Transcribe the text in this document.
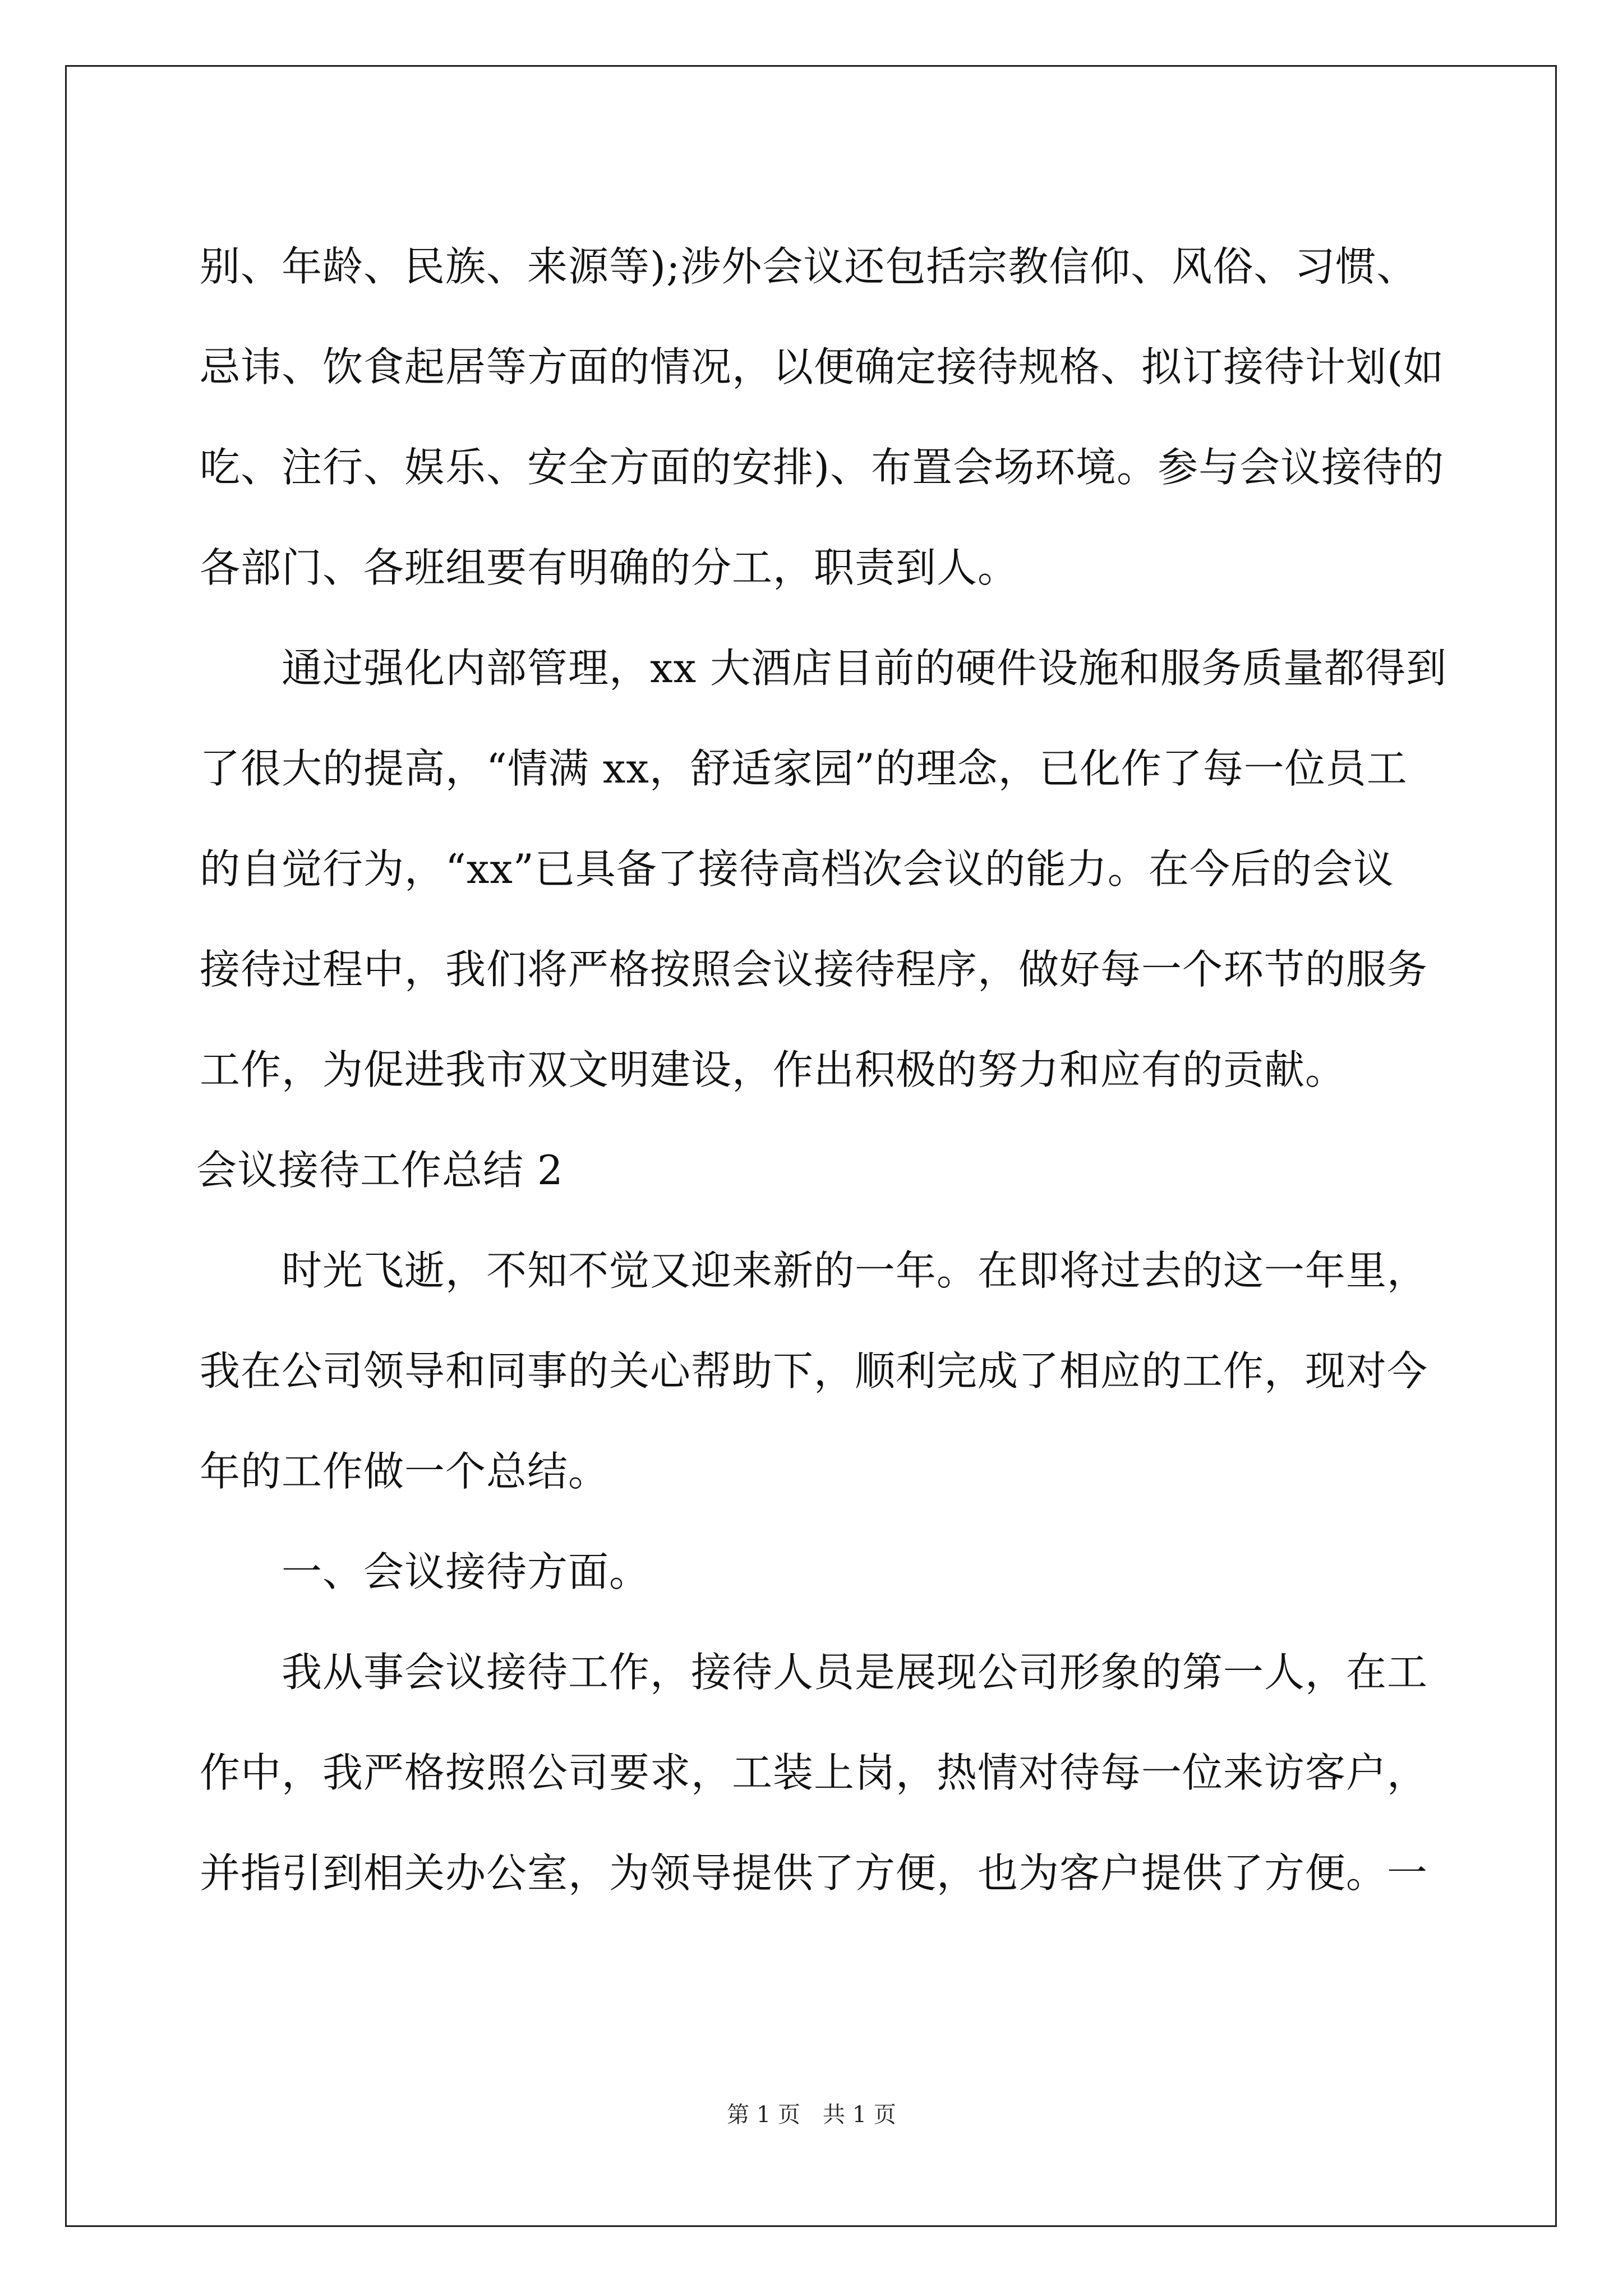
别、年龄、民族、来源等);涉外会议还包括宗教信仰、风俗、习惯、
忌讳、饮食起居等方面的情况，以便确定接待规格、拟订接待计划(如
吃、注行、娱乐、安全方面的安排)、布置会场环境。参与会议接待的
各部门、各班组要有明确的分工，职责到人。
　　通过强化内部管理，xx 大酒店目前的硬件设施和服务质量都得到
了很大的提高，“情满 xx，舒适家园”的理念，已化作了每一位员工
的自觉行为，“xx”已具备了接待高档次会议的能力。在今后的会议
接待过程中，我们将严格按照会议接待程序，做好每一个环节的服务
工作，为促进我市双文明建设，作出积极的努力和应有的贡献。
会议接待工作总结 2
　　时光飞逝，不知不觉又迎来新的一年。在即将过去的这一年里，
我在公司领导和同事的关心帮助下，顺利完成了相应的工作，现对今
年的工作做一个总结。
　　一、会议接待方面。
　　我从事会议接待工作，接待人员是展现公司形象的第一人，在工
作中，我严格按照公司要求，工装上岗，热情对待每一位来访客户，
并指引到相关办公室，为领导提供了方便，也为客户提供了方便。一
第 1 页　共 1 页
